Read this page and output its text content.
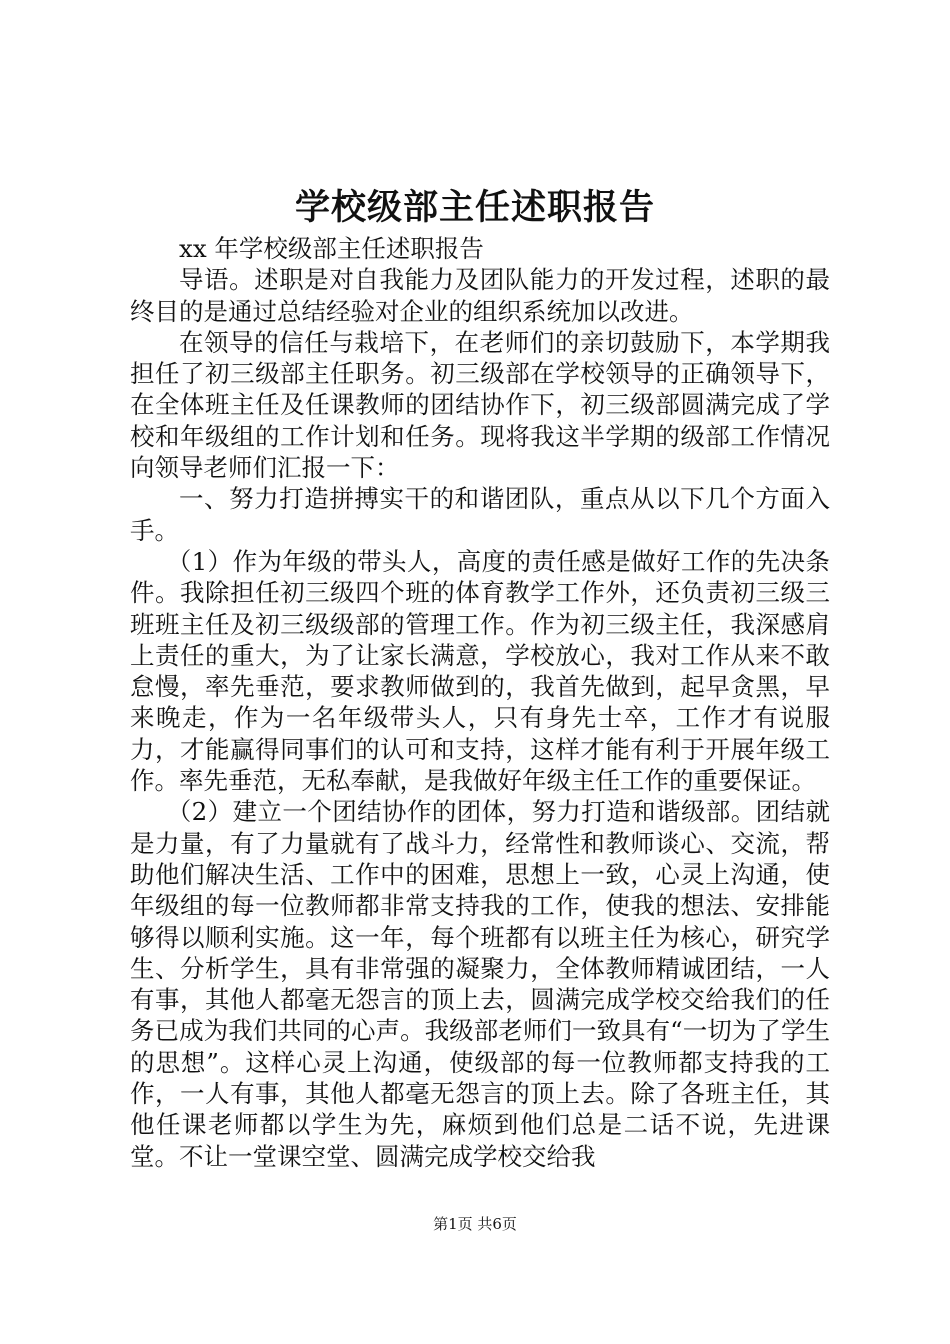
学校级部主任述职报告

xx 年学校级部主任述职报告

导语。述职是对自我能力及团队能力的开发过程，述职的最终目的是通过总结经验对企业的组织系统加以改进。

在领导的信任与栽培下，在老师们的亲切鼓励下，本学期我担任了初三级部主任职务。初三级部在学校领导的正确领导下，在全体班主任及任课教师的团结协作下，初三级部圆满完成了学校和年级组的工作计划和任务。现将我这半学期的级部工作情况向领导老师们汇报一下：

一、努力打造拼搏实干的和谐团队，重点从以下几个方面入手。

（1）作为年级的带头人，高度的责任感是做好工作的先决条件。我除担任初三级四个班的体育教学工作外，还负责初三级三班班主任及初三级级部的管理工作。作为初三级主任，我深感肩上责任的重大，为了让家长满意，学校放心，我对工作从来不敢怠慢，率先垂范，要求教师做到的，我首先做到，起早贪黑，早来晚走，作为一名年级带头人，只有身先士卒，工作才有说服力，才能赢得同事们的认可和支持，这样才能有利于开展年级工作。率先垂范，无私奉献，是我做好年级主任工作的重要保证。

（2）建立一个团结协作的团体，努力打造和谐级部。团结就是力量，有了力量就有了战斗力，经常性和教师谈心、交流，帮助他们解决生活、工作中的困难，思想上一致，心灵上沟通，使年级组的每一位教师都非常支持我的工作，使我的想法、安排能够得以顺利实施。这一年，每个班都有以班主任为核心，研究学生、分析学生，具有非常强的凝聚力，全体教师精诚团结，一人有事，其他人都毫无怨言的顶上去，圆满完成学校交给我们的任务已成为我们共同的心声。我级部老师们一致具有“一切为了学生的思想”。这样心灵上沟通，使级部的每一位教师都支持我的工作，一人有事，其他人都毫无怨言的顶上去。除了各班主任，其他任课老师都以学生为先，麻烦到他们总是二话不说，先进课堂。不让一堂课空堂、圆满完成学校交给我

第1页 共6页
